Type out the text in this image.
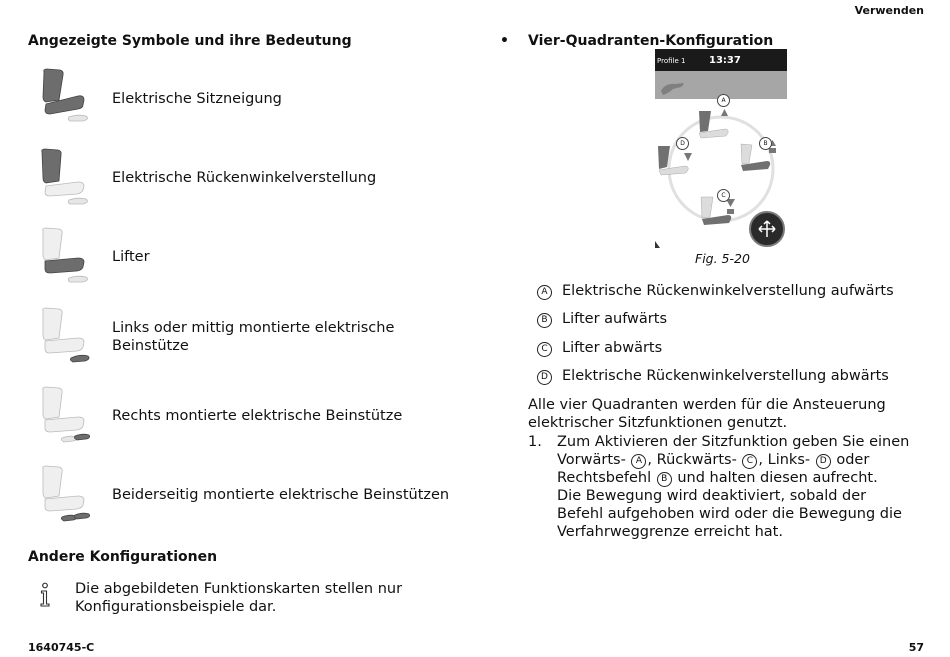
Verwenden
Angezeigte Symbole und ihre Bedeutung
Elektrische Sitzneigung
Elektrische Rückenwinkelverstellung
Lifter
Links oder mittig montierte elektrische
Beinstütze
Rechts montierte elektrische Beinstütze
Beiderseitig montierte elektrische Beinstützen
Andere Konfigurationen
Die abgebildeten Funktionskarten stellen nur
Konfigurationsbeispiele dar.
• Vier-Quadranten-Konfiguration
Profile 1 13:37
A
B
C
D
Fig. 5-20
A Elektrische Rückenwinkelverstellung aufwärts
B Lifter aufwärts
C Lifter abwärts
D Elektrische Rückenwinkelverstellung abwärts
Alle vier Quadranten werden für die Ansteuerung
elektrischer Sitzfunktionen genutzt.
1. Zum Aktivieren der Sitzfunktion geben Sie einen
Vorwärts- A , Rückwärts- C , Links- D oder
Rechtsbefehl B und halten diesen aufrecht.
Die Bewegung wird deaktiviert, sobald der
Befehl aufgehoben wird oder die Bewegung die
Verfahrweggrenze erreicht hat.
1640745-C	57
